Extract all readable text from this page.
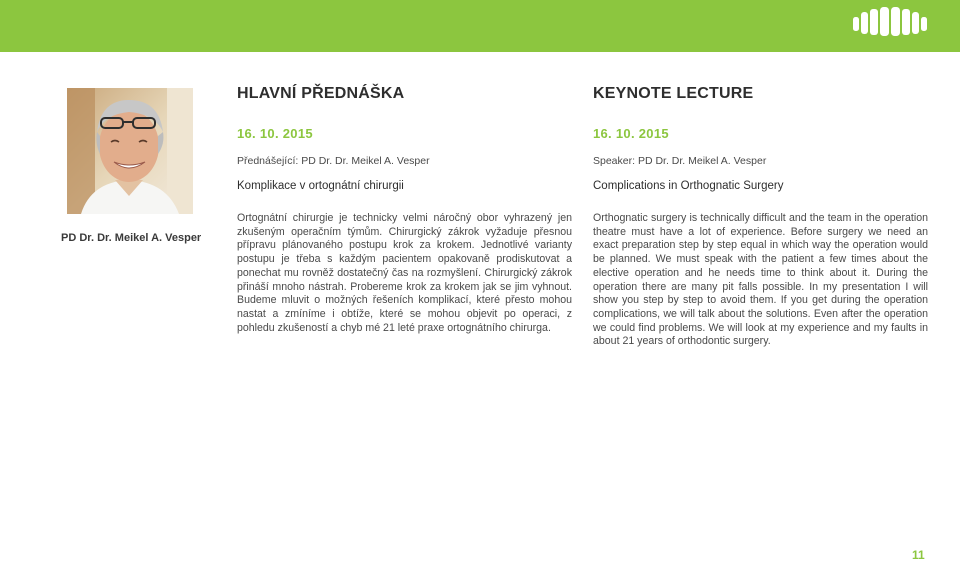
PD Dr. Dr. Meikel A. Vesper
HLAVNÍ PŘEDNÁŠKA
16. 10. 2015
Přednášející: PD Dr. Dr. Meikel A. Vesper
Komplikace v ortognátní chirurgii
Ortognátní chirurgie je technicky velmi náročný obor vyhrazený jen zkušeným operačním týmům. Chirurgický zákrok vyžaduje přesnou přípravu plánovaného postupu krok za krokem. Jednotlivé varianty postupu je třeba s každým pacientem opakovaně prodiskutovat a ponechat mu rovněž dostatečný čas na rozmyšlení. Chirurgický zákrok přináší mnoho nástrah. Probereme krok za krokem jak se jim vyhnout. Budeme mluvit o možných řešeních komplikací, které přesto mohou nastat a zmíníme i obtíže, které se mohou objevit po operaci, z pohledu zkušeností a chyb mé 21 leté praxe ortognátního chirurga.
KEYNOTE LECTURE
16. 10. 2015
Speaker: PD Dr. Dr. Meikel A. Vesper
Complications in Orthognatic Surgery
Orthognatic surgery is technically difficult and the team in the operation theatre must have a lot of experience. Before surgery we need an exact preparation step by step equal in which way the operation would be planned. We must speak with the patient a few times about the elective operation and he needs time to think about it. During the operation there are many pit falls possible. In my presentation I will show you step by step to avoid them. If you get during the operation complications, we will talk about the solutions. Even after the operation we could find problems. We will look at my experience and my faults in about 21 years of orthodontic surgery.
11
